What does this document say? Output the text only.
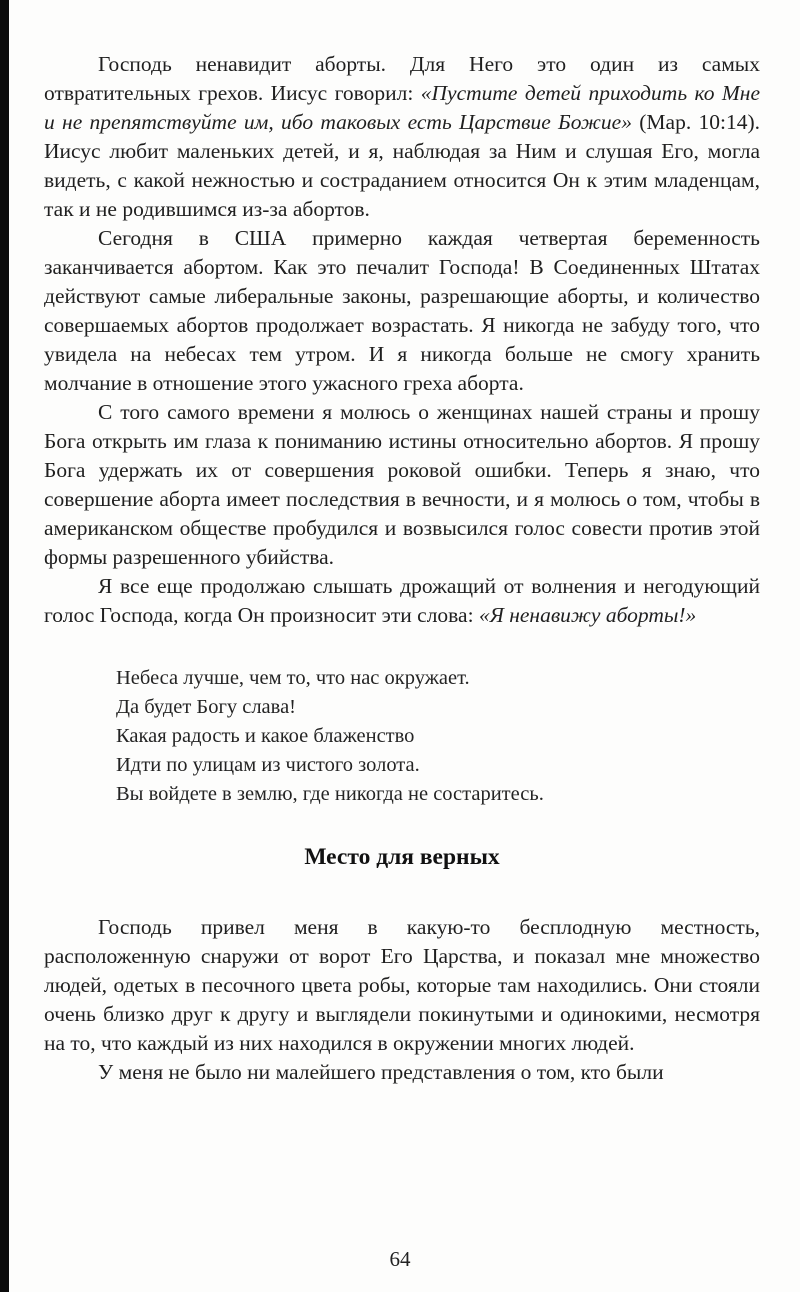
Господь ненавидит аборты. Для Него это один из самых отвратительных грехов. Иисус говорил: «Пустите детей приходить ко Мне и не препятствуйте им, ибо таковых есть Царствие Божие» (Мар. 10:14). Иисус любит маленьких детей, и я, наблюдая за Ним и слушая Его, могла видеть, с какой нежностью и состраданием относится Он к этим младенцам, так и не родившимся из-за абортов.

Сегодня в США примерно каждая четвертая беременность заканчивается абортом. Как это печалит Господа! В Соединенных Штатах действуют самые либеральные законы, разрешающие аборты, и количество совершаемых абортов продолжает возрастать. Я никогда не забуду того, что увидела на небесах тем утром. И я никогда больше не смогу хранить молчание в отношение этого ужасного греха аборта.

С того самого времени я молюсь о женщинах нашей страны и прошу Бога открыть им глаза к пониманию истины относительно абортов. Я прошу Бога удержать их от совершения роковой ошибки. Теперь я знаю, что совершение аборта имеет последствия в вечности, и я молюсь о том, чтобы в американском обществе пробудился и возвысился голос совести против этой формы разрешенного убийства.

Я все еще продолжаю слышать дрожащий от волнения и негодующий голос Господа, когда Он произносит эти слова: «Я ненавижу аборты!»

Небеса лучше, чем то, что нас окружает.
Да будет Богу слава!
Какая радость и какое блаженство
Идти по улицам из чистого золота.
Вы войдете в землю, где никогда не состаритесь.
Место для верных

Господь привел меня в какую-то бесплодную местность, расположенную снаружи от ворот Его Царства, и показал мне множество людей, одетых в песочного цвета робы, которые там находились. Они стояли очень близко друг к другу и выглядели покинутыми и одинокими, несмотря на то, что каждый из них находился в окружении многих людей.

У меня не было ни малейшего представления о том, кто были

64
